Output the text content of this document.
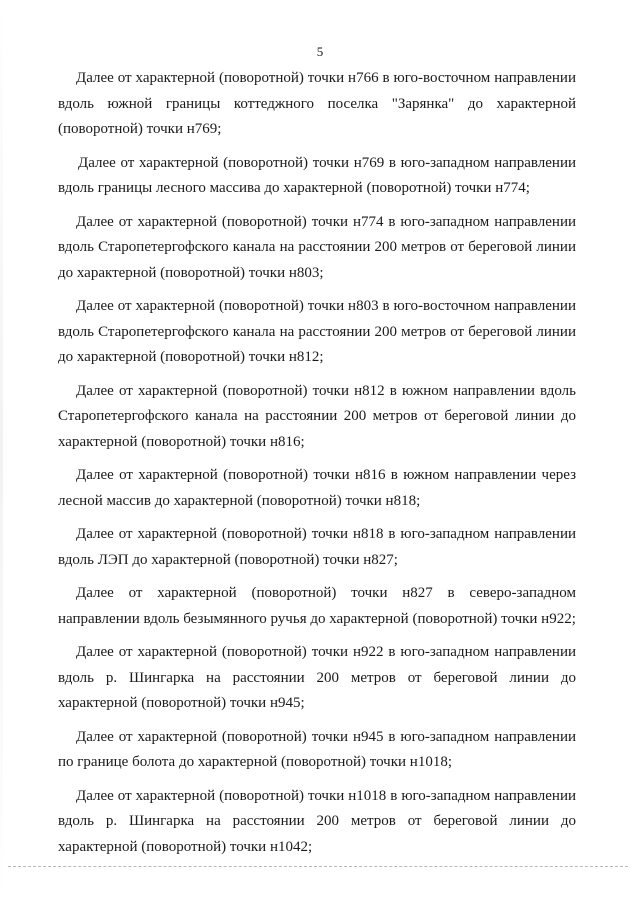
5

Далее от характерной (поворотной) точки н766 в юго-восточном направлении вдоль южной границы коттеджного поселка "Зарянка" до характерной (поворотной) точки н769;

Далее от характерной (поворотной) точки н769 в юго-западном направлении вдоль границы лесного массива до характерной (поворотной) точки н774;

Далее от характерной (поворотной) точки н774 в юго-западном направлении вдоль Старопетергофского канала на расстоянии 200 метров от береговой линии до характерной (поворотной) точки н803;

Далее от характерной (поворотной) точки н803 в юго-восточном направлении вдоль Старопетергофского канала на расстоянии 200 метров от береговой линии до характерной (поворотной) точки н812;

Далее от характерной (поворотной) точки н812 в южном направлении вдоль Старопетергофского канала на расстоянии 200 метров от береговой линии до характерной (поворотной) точки н816;

Далее от характерной (поворотной) точки н816 в южном направлении через лесной массив до характерной (поворотной) точки н818;

Далее от характерной (поворотной) точки н818 в юго-западном направлении вдоль ЛЭП до характерной (поворотной) точки н827;

Далее от характерной (поворотной) точки н827 в северо-западном направлении вдоль безымянного ручья до характерной (поворотной) точки н922;

Далее от характерной (поворотной) точки н922 в юго-западном направлении вдоль р. Шингарка на расстоянии 200 метров от береговой линии до характерной (поворотной) точки н945;

Далее от характерной (поворотной) точки н945 в юго-западном направлении по границе болота до характерной (поворотной) точки н1018;

Далее от характерной (поворотной) точки н1018 в юго-западном направлении вдоль р. Шингарка на расстоянии 200 метров от береговой линии до характерной (поворотной) точки н1042;
